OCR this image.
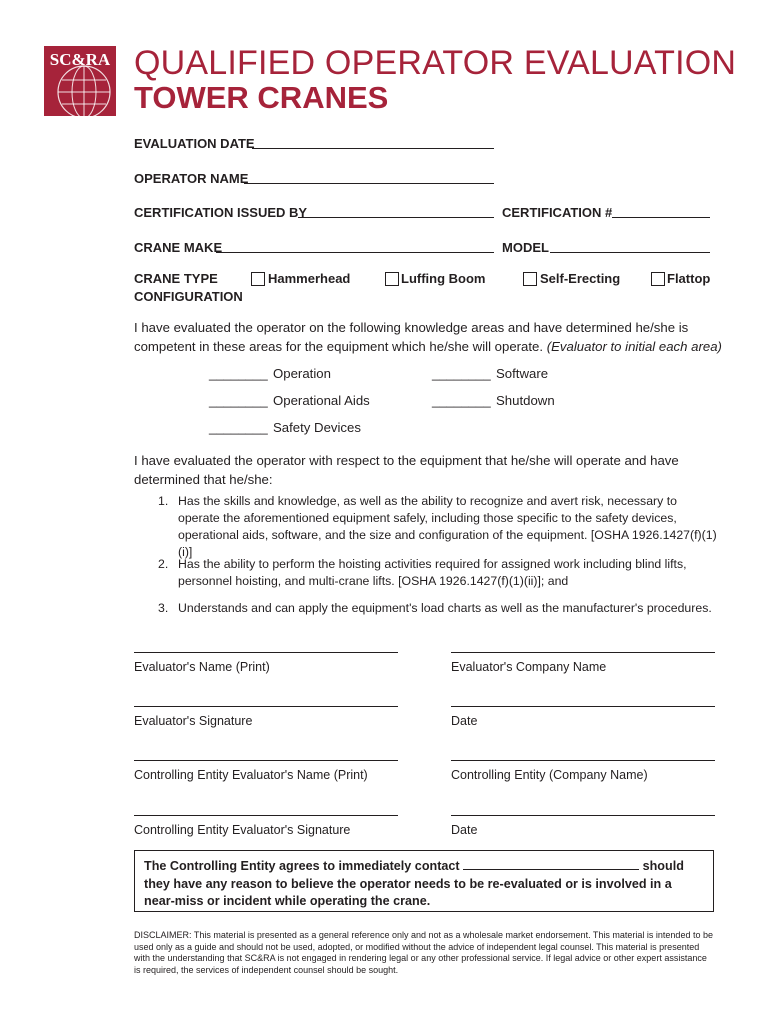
SC&RA QUALIFIED OPERATOR EVALUATION
TOWER CRANES
EVALUATION DATE
OPERATOR NAME
CERTIFICATION ISSUED BY	CERTIFICATION #
CRANE MAKE	MODEL
CRANE TYPE
CONFIGURATION
Hammerhead	Luffing Boom	Self-Erecting	Flattop
I have evaluated the operator on the following knowledge areas and have determined he/she is competent in these areas for the equipment which he/she will operate. (Evaluator to initial each area)
________ Operation	________ Software
________ Operational Aids	________ Shutdown
________ Safety Devices
I have evaluated the operator with respect to the equipment that he/she will operate and have determined that he/she:
1. Has the skills and knowledge, as well as the ability to recognize and avert risk, necessary to operate the aforementioned equipment safely, including those specific to the safety devices, operational aids, software, and the size and configuration of the equipment. [OSHA 1926.1427(f)(1)(i)]
2. Has the ability to perform the hoisting activities required for assigned work including blind lifts, personnel hoisting, and multi-crane lifts. [OSHA 1926.1427(f)(1)(ii)]; and
3. Understands and can apply the equipment's load charts as well as the manufacturer's procedures.
Evaluator's Name (Print)	Evaluator's Company Name
Evaluator's Signature	Date
Controlling Entity Evaluator's Name (Print)	Controlling Entity (Company Name)
Controlling Entity Evaluator's Signature	Date
The Controlling Entity agrees to immediately contact	should they have any reason to believe the operator needs to be re-evaluated or is involved in a near-miss or incident while operating the crane.
DISCLAIMER: This material is presented as a general reference only and not as a wholesale market endorsement. This material is intended to be used only as a guide and should not be used, adopted, or modified without the advice of independent legal counsel. This material is presented with the understanding that SC&RA is not engaged in rendering legal or any other professional service. If legal advice or other expert assistance is required, the services of independent counsel should be sought.
